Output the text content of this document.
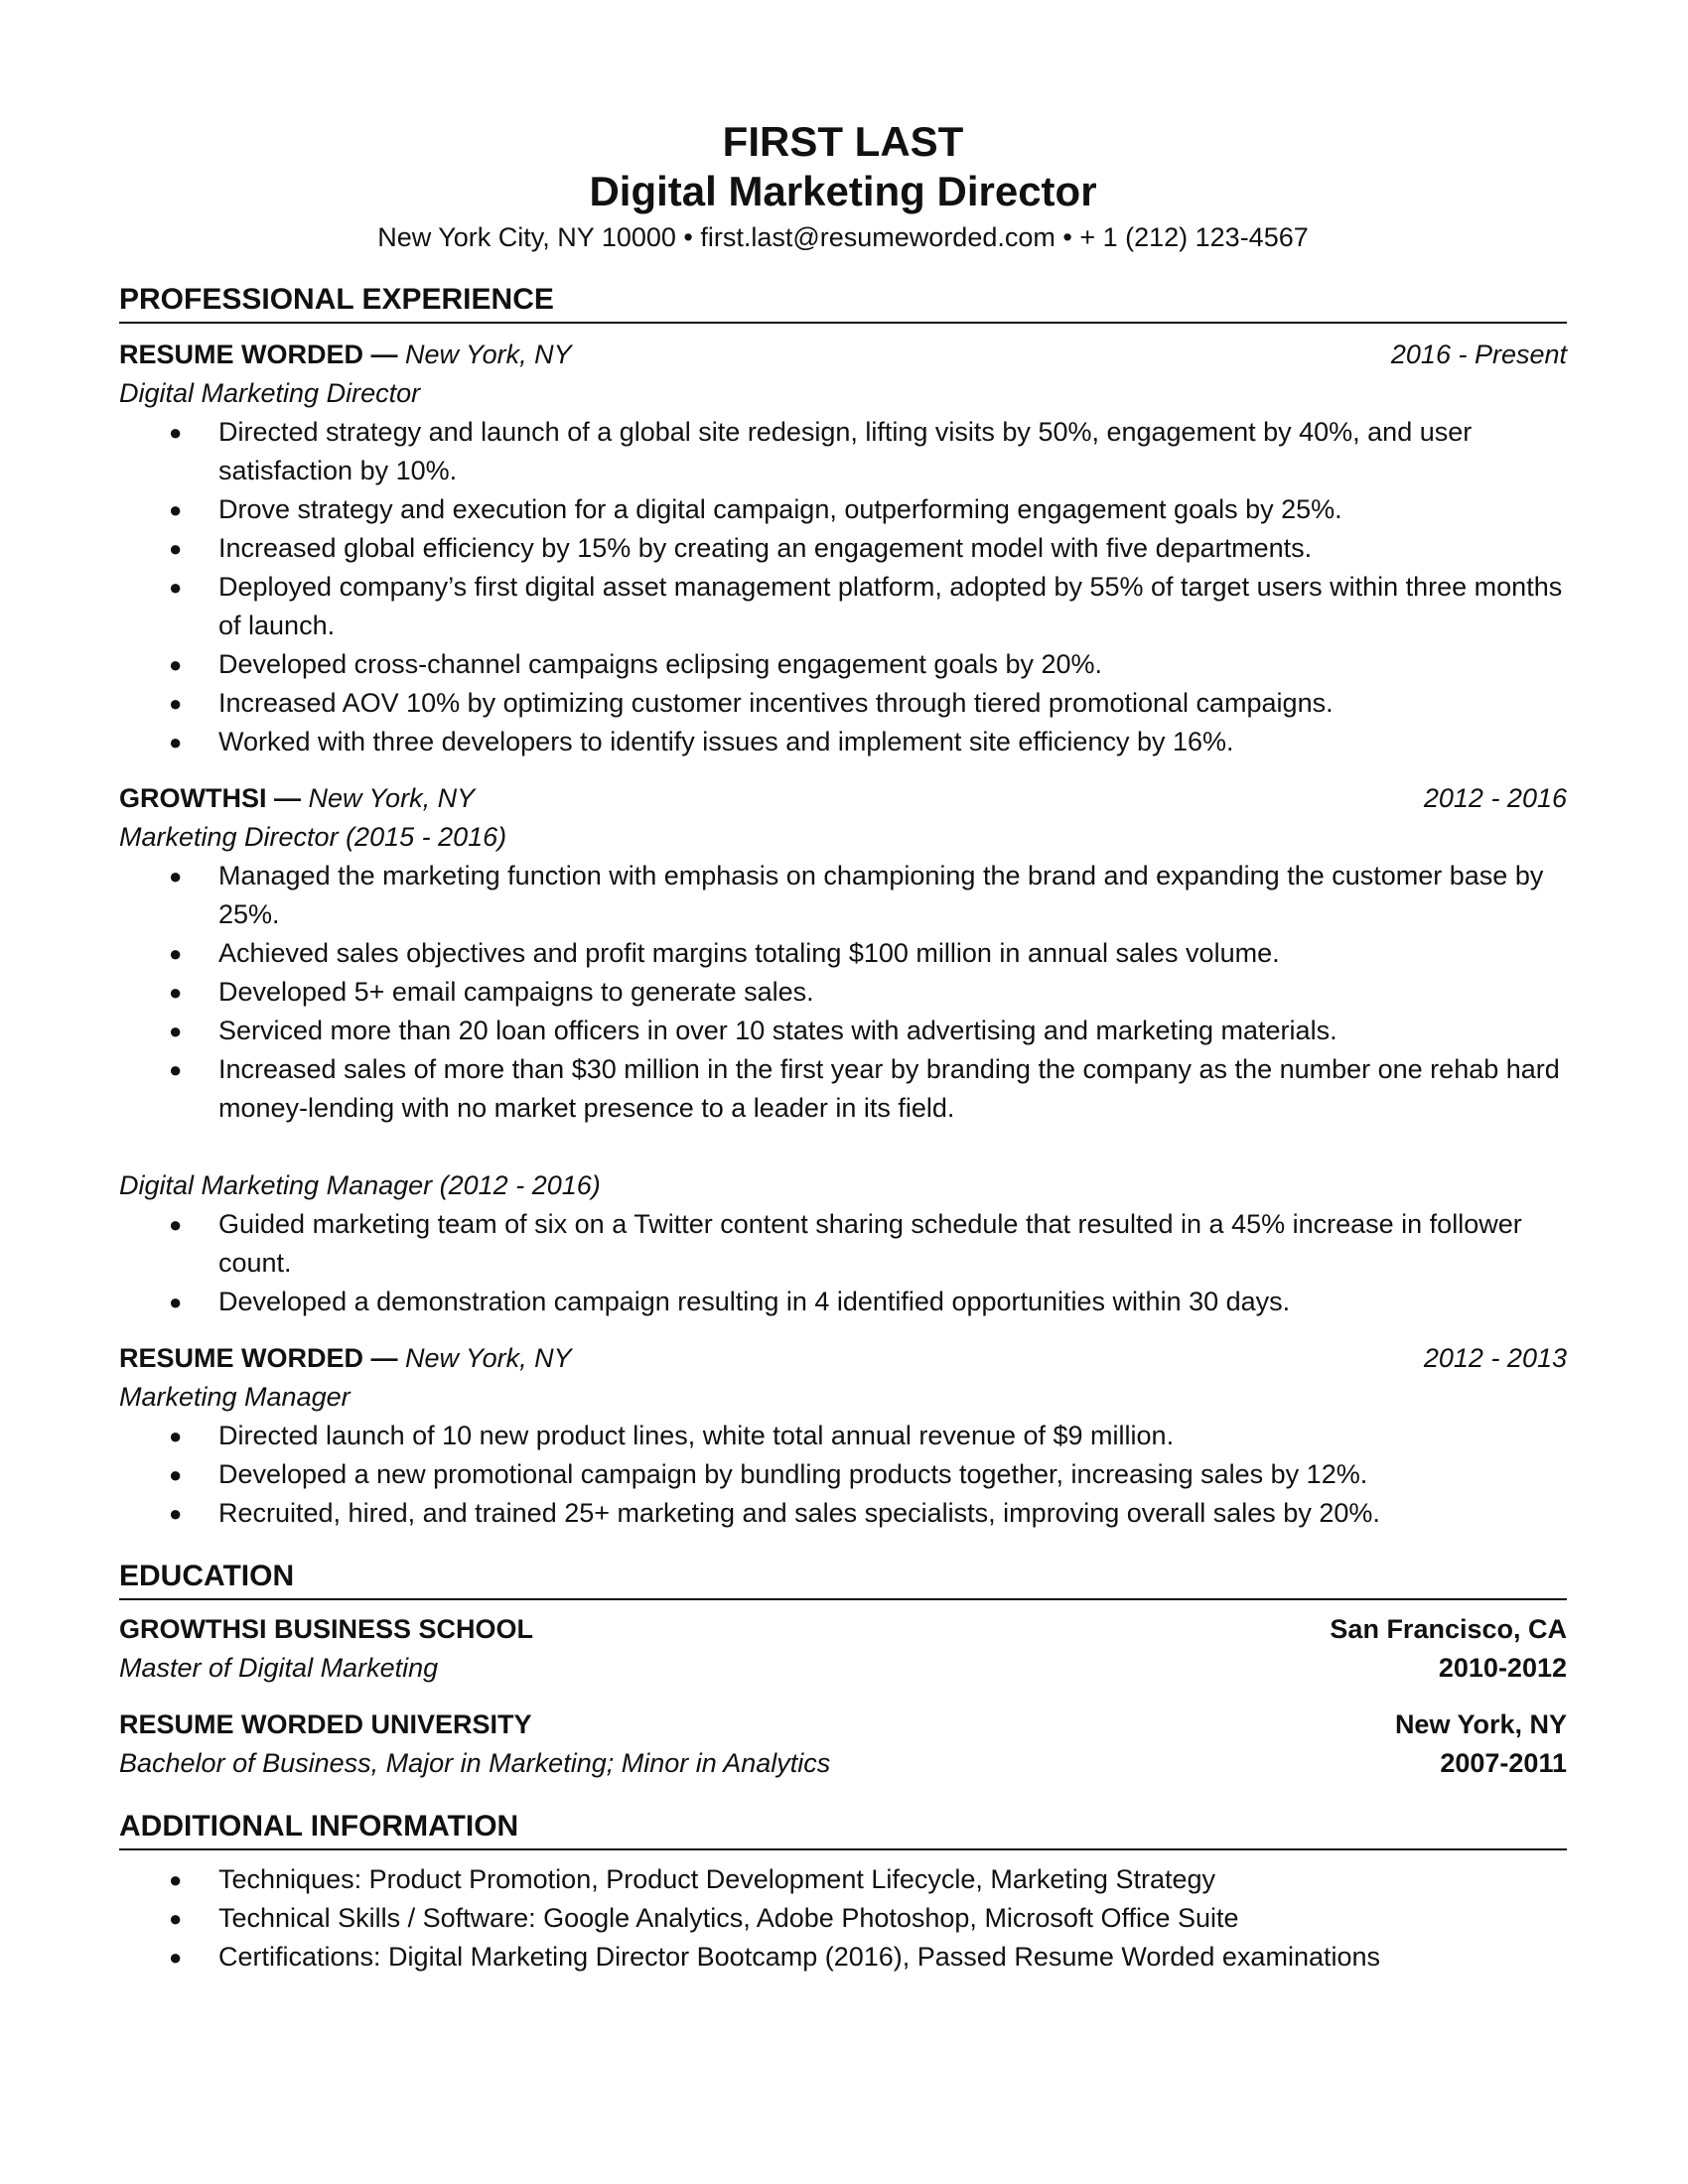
FIRST LAST
Digital Marketing Director
New York City, NY 10000 • first.last@resumeworded.com • + 1 (212) 123-4567
PROFESSIONAL EXPERIENCE
RESUME WORDED — New York, NY	2016 - Present
Digital Marketing Director
● Directed strategy and launch of a global site redesign, lifting visits by 50%, engagement by 40%, and user satisfaction by 10%.
● Drove strategy and execution for a digital campaign, outperforming engagement goals by 25%.
● Increased global efficiency by 15% by creating an engagement model with five departments.
● Deployed company’s first digital asset management platform, adopted by 55% of target users within three months of launch.
● Developed cross-channel campaigns eclipsing engagement goals by 20%.
● Increased AOV 10% by optimizing customer incentives through tiered promotional campaigns.
● Worked with three developers to identify issues and implement site efficiency by 16%.
GROWTHSI — New York, NY	2012 - 2016
Marketing Director (2015 - 2016)
● Managed the marketing function with emphasis on championing the brand and expanding the customer base by 25%.
● Achieved sales objectives and profit margins totaling $100 million in annual sales volume.
● Developed 5+ email campaigns to generate sales.
● Serviced more than 20 loan officers in over 10 states with advertising and marketing materials.
● Increased sales of more than $30 million in the first year by branding the company as the number one rehab hard money-lending with no market presence to a leader in its field.
Digital Marketing Manager (2012 - 2016)
● Guided marketing team of six on a Twitter content sharing schedule that resulted in a 45% increase in follower count.
● Developed a demonstration campaign resulting in 4 identified opportunities within 30 days.
RESUME WORDED — New York, NY	2012 - 2013
Marketing Manager
● Directed launch of 10 new product lines, white total annual revenue of $9 million.
● Developed a new promotional campaign by bundling products together, increasing sales by 12%.
● Recruited, hired, and trained 25+ marketing and sales specialists, improving overall sales by 20%.
EDUCATION
GROWTHSI BUSINESS SCHOOL	San Francisco, CA
Master of Digital Marketing	2010-2012
RESUME WORDED UNIVERSITY	New York, NY
Bachelor of Business, Major in Marketing; Minor in Analytics	2007-2011
ADDITIONAL INFORMATION
● Techniques: Product Promotion, Product Development Lifecycle, Marketing Strategy
● Technical Skills / Software: Google Analytics, Adobe Photoshop, Microsoft Office Suite
● Certifications: Digital Marketing Director Bootcamp (2016), Passed Resume Worded examinations
